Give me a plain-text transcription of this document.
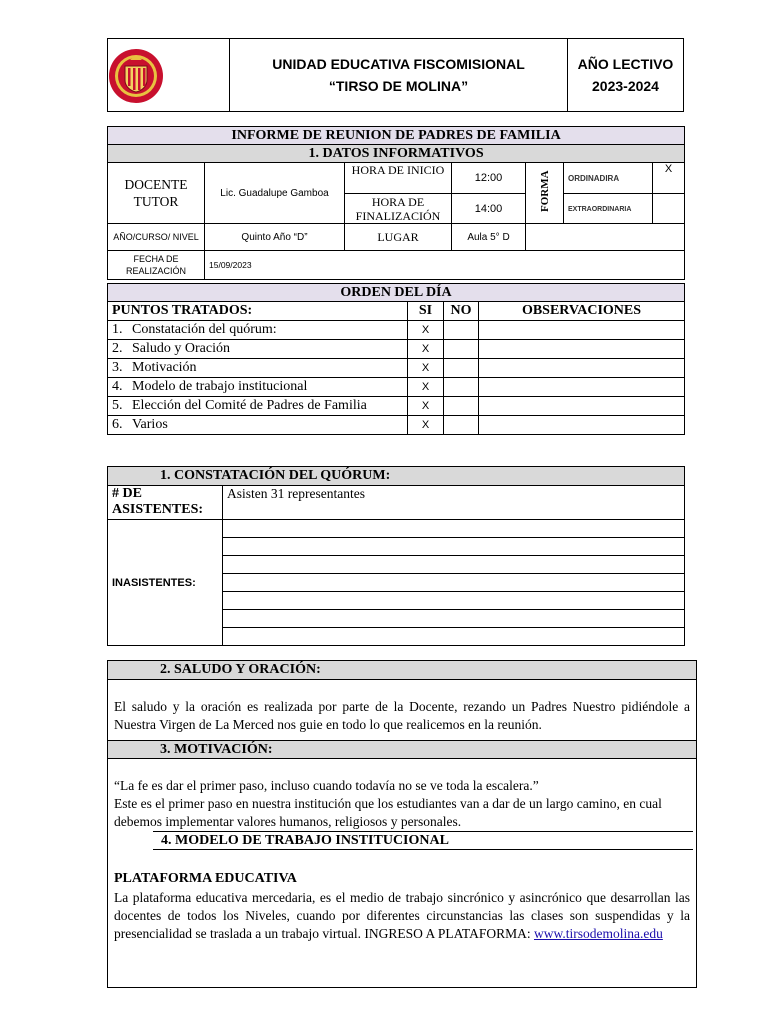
UNIDAD EDUCATIVA FISCOMISIONAL
“TIRSO DE MOLINA”
AÑO LECTIVO
2023-2024
INFORME DE REUNION DE PADRES DE FAMILIA						
1. DATOS INFORMATIVOS						
DOCENTE TUTOR	Lic. Guadalupe Gamboa	HORA DE INICIO	12:00	FORMA	ORDINADIRA	X
		HORA DE FINALIZACIÓN	14:00		EXTRAORDINARIA	
AÑO/CURSO/ NIVEL	Quinto Año “D”	LUGAR	Aula 5° D			
FECHA DE REALIZACIÓN	15/09/2023					
ORDEN DEL DÍA			
PUNTOS TRATADOS:	SI	NO	OBSERVACIONES
1. Constatación del quórum:	X		
2. Saludo y Oración	X		
3. Motivación	X		
4. Modelo de trabajo institucional	X		
5. Elección del Comité de Padres de Familia	X		
6. Varios	X		
1. CONSTATACIÓN DEL QUÓRUM:	
# DE ASISTENTES:	Asisten 31 representantes
INASISTENTES:	

2. SALUDO Y ORACIÓN:
El saludo y la oración es realizada por parte de la Docente, rezando un Padres Nuestro pidiéndole a Nuestra Virgen de La Merced nos guie en todo lo que realicemos en la reunión.
3. MOTIVACIÓN:
“La fe es dar el primer paso, incluso cuando todavía no se ve toda la escalera.”
Este es el primer paso en nuestra institución que los estudiantes van a dar de un largo camino, en cual debemos implementar valores humanos, religiosos y personales.
4. MODELO DE TRABAJO INSTITUCIONAL
PLATAFORMA EDUCATIVA
La plataforma educativa mercedaria, es el medio de trabajo sincrónico y asincrónico que desarrollan las docentes de todos los Niveles, cuando por diferentes circunstancias las clases son suspendidas y la presencialidad se traslada a un trabajo virtual. INGRESO A PLATAFORMA: www.tirsodemolina.edu
